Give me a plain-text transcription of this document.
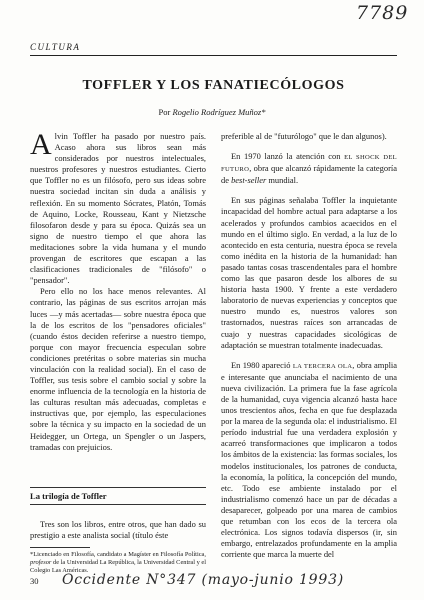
7789
CULTURA
TOFFLER Y LOS FANATIECÓLOGOS
Por Rogelio Rodríguez Muñoz*

Alvin Toffler ha pasado por nuestro país. Acaso ahora sus libros sean más considerados por nuestros intelectuales, nuestros profesores y nuestros estudiantes. Cierto que Toffler no es un filósofo, pero sus ideas sobre nuestra sociedad incitan sin duda a análisis y reflexión. En su momento Sócrates, Platón, Tomás de Aquino, Locke, Rousseau, Kant y Nietzsche filosofaron desde y para su época. Quizás sea un signo de nuestro tiempo el que ahora las meditaciones sobre la vida humana y el mundo provengan de escritores que escapan a las clasificaciones tradicionales de "filósofo" o "pensador".

Pero ello no los hace menos relevantes. Al contrario, las páginas de sus escritos arrojan más luces —y más acertadas— sobre nuestra época que la de los escritos de los "pensadores oficiales" (cuando éstos deciden referirse a nuestro tiempo, porque con mayor frecuencia especulan sobre condiciones pretéritas o sobre materias sin mucha vinculación con la realidad social). En el caso de Toffler, sus tesis sobre el cambio social y sobre la enorme influencia de la tecnología en la historia de las culturas resultan más adecuadas, completas e instructivas que, por ejemplo, las especulaciones sobre la técnica y su impacto en la sociedad de un Heidegger, un Ortega, un Spengler o un Jaspers, tramadas con prejuicios.

La trilogía de Toffler

Tres son los libros, entre otros, que han dado su prestigio a este analista social (título éste

*Licenciado en Filosofía, candidato a Magíster en Filosofía Política, profesor de la Universidad La República, la Universidad Central y el Colegio Las Américas.
30 Occidente N°347 (mayo-junio 1993)

preferible al de "futurólogo" que le dan algunos).

En 1970 lanzó la atención con EL SHOCK DEL FUTURO, obra que alcanzó rápidamente la categoría de best-seller mundial.

En sus páginas señalaba Toffler la inquietante incapacidad del hombre actual para adaptarse a los acelerados y profundos cambios acaecidos en el mundo en el último siglo. En verdad, a la luz de lo acontecido en esta centuria, nuestra época se revela como inédita en la historia de la humanidad: han pasado tantas cosas trascendentales para el hombre como las que pasaron desde los albores de su historia hasta 1900. Y frente a este verdadero laboratorio de nuevas experiencias y conceptos que nuestro mundo es, nuestros valores son trastornados, nuestras raíces son arrancadas de cuajo y nuestras capacidades sicológicas de adaptación se muestran totalmente inadecuadas.

En 1980 apareció LA TERCERA OLA, obra amplia e interesante que anunciaba el nacimiento de una nueva civilización. La primera fue la fase agrícola de la humanidad, cuya vigencia alcanzó hasta hace unos trescientos años, fecha en que fue desplazada por la marea de la segunda ola: el industrialismo. El período industrial fue una verdadera explosión y acarreó transformaciones que implicaron a todos los ámbitos de la existencia: las formas sociales, los modelos institucionales, los patrones de conducta, la economía, la política, la concepción del mundo, etc. Todo ese ambiente instalado por el industrialismo comenzó hace un par de décadas a desaparecer, golpeado por una marea de cambios que retumban con los ecos de la tercera ola electrónica. Los signos todavía dispersos (ir, sin embargo, entrelazados profundamente en la amplia corriente que marca la muerte del
